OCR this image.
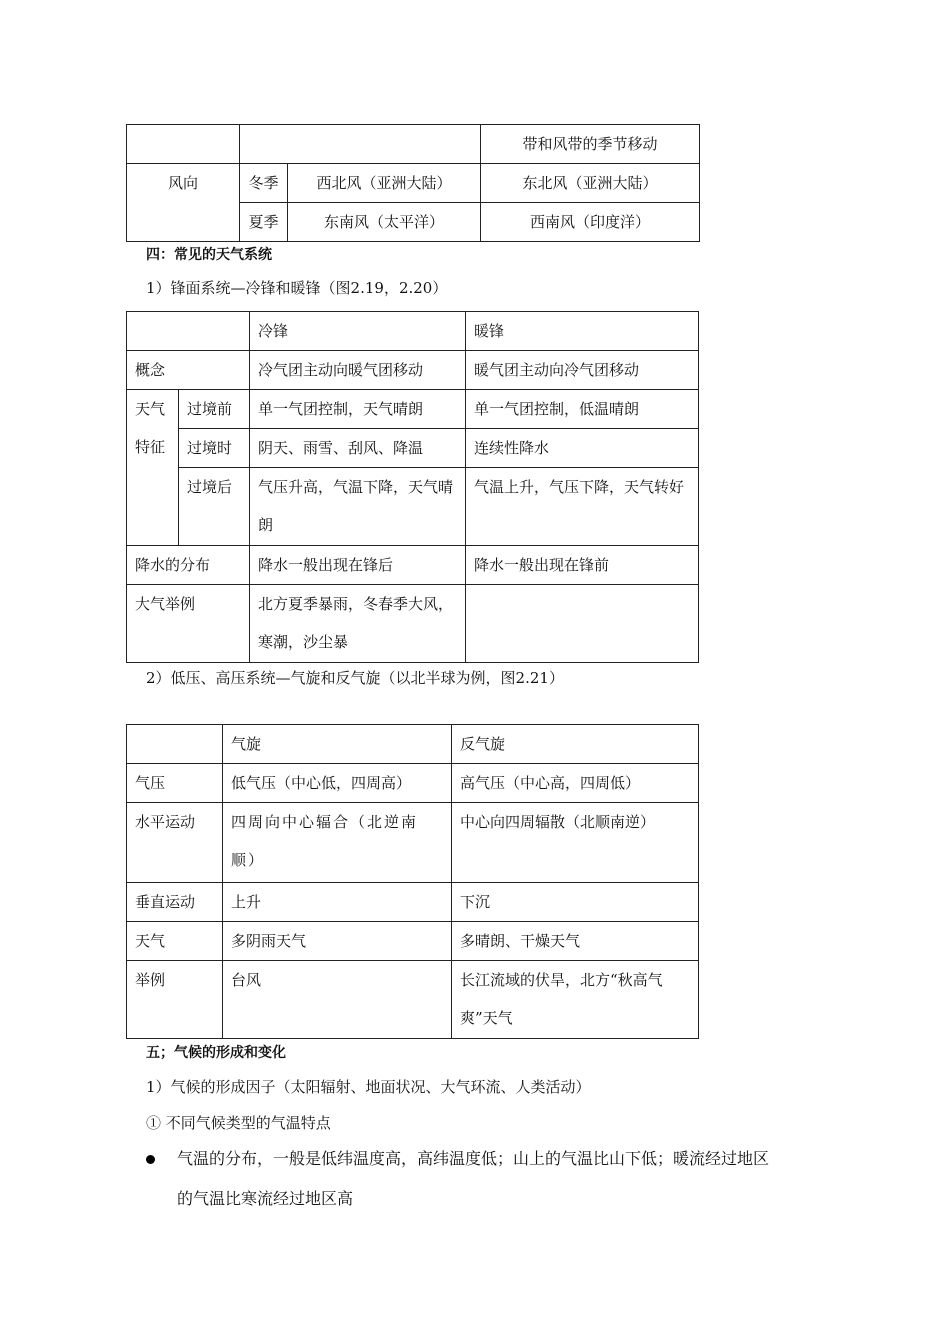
			带和风带的季节移动
风向	冬季	西北风（亚洲大陆）	东北风（亚洲大陆）
	夏季	东南风（太平洋）	西南风（印度洋）
四：常见的天气系统
1）锋面系统—冷锋和暖锋（图2.19，2.20）
		冷锋	暖锋
概念		冷气团主动向暖气团移动	暖气团主动向冷气团移动
天气特征	过境前	单一气团控制，天气晴朗	单一气团控制，低温晴朗
	过境时	阴天、雨雪、刮风、降温	连续性降水
	过境后	气压升高，气温下降，天气晴朗	气温上升，气压下降，天气转好
降水的分布		降水一般出现在锋后	降水一般出现在锋前
大气举例		北方夏季暴雨，冬春季大风，寒潮，沙尘暴	
2）低压、高压系统—气旋和反气旋（以北半球为例，图2.21）
	气旋	反气旋
气压	低气压（中心低，四周高）	高气压（中心高，四周低）
水平运动	四周向中心辐合（北逆南顺）	中心向四周辐散（北顺南逆）
垂直运动	上升	下沉
天气	多阴雨天气	多晴朗、干燥天气
举例	台风	长江流域的伏旱，北方“秋高气爽”天气
五；气候的形成和变化
1）气候的形成因子（太阳辐射、地面状况、大气环流、人类活动）
① 不同气候类型的气温特点
气温的分布，一般是低纬温度高，高纬温度低；山上的气温比山下低；暖流经过地区
的气温比寒流经过地区高
